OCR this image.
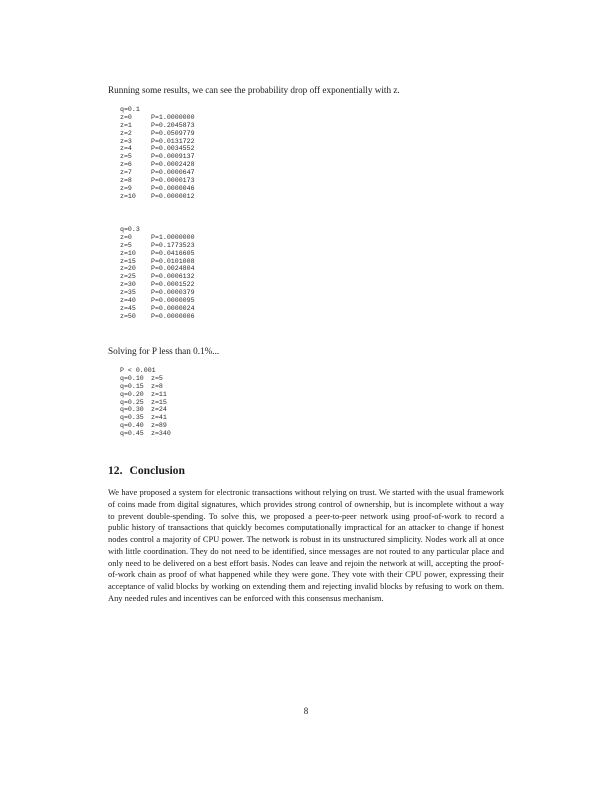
Running some results, we can see the probability drop off exponentially with z.
q=0.1
z=0	P=1.0000000
z=1	P=0.2045873
z=2	P=0.0509779
z=3	P=0.0131722
z=4	P=0.0034552
z=5	P=0.0009137
z=6	P=0.0002428
z=7	P=0.0000647
z=8	P=0.0000173
z=9	P=0.0000046
z=10 P=0.0000012
q=0.3
z=0	P=1.0000000
z=5	P=0.1773523
z=10 P=0.0416605
z=15 P=0.0101008
z=20 P=0.0024804
z=25 P=0.0006132
z=30 P=0.0001522
z=35 P=0.0000379
z=40 P=0.0000095
z=45 P=0.0000024
z=50 P=0.0000006
Solving for P less than 0.1%...
P < 0.001
q=0.10 z=5
q=0.15 z=8
q=0.20 z=11
q=0.25 z=15
q=0.30 z=24
q=0.35 z=41
q=0.40 z=89
q=0.45 z=340
12. Conclusion
We have proposed a system for electronic transactions without relying on trust. We started with the usual framework of coins made from digital signatures, which provides strong control of ownership, but is incomplete without a way to prevent double-spending. To solve this, we proposed a peer-to-peer network using proof-of-work to record a public history of transactions that quickly becomes computationally impractical for an attacker to change if honest nodes control a majority of CPU power. The network is robust in its unstructured simplicity. Nodes work all at once with little coordination. They do not need to be identified, since messages are not routed to any particular place and only need to be delivered on a best effort basis. Nodes can leave and rejoin the network at will, accepting the proof-of-work chain as proof of what happened while they were gone. They vote with their CPU power, expressing their acceptance of valid blocks by working on extending them and rejecting invalid blocks by refusing to work on them. Any needed rules and incentives can be enforced with this consensus mechanism.
8
